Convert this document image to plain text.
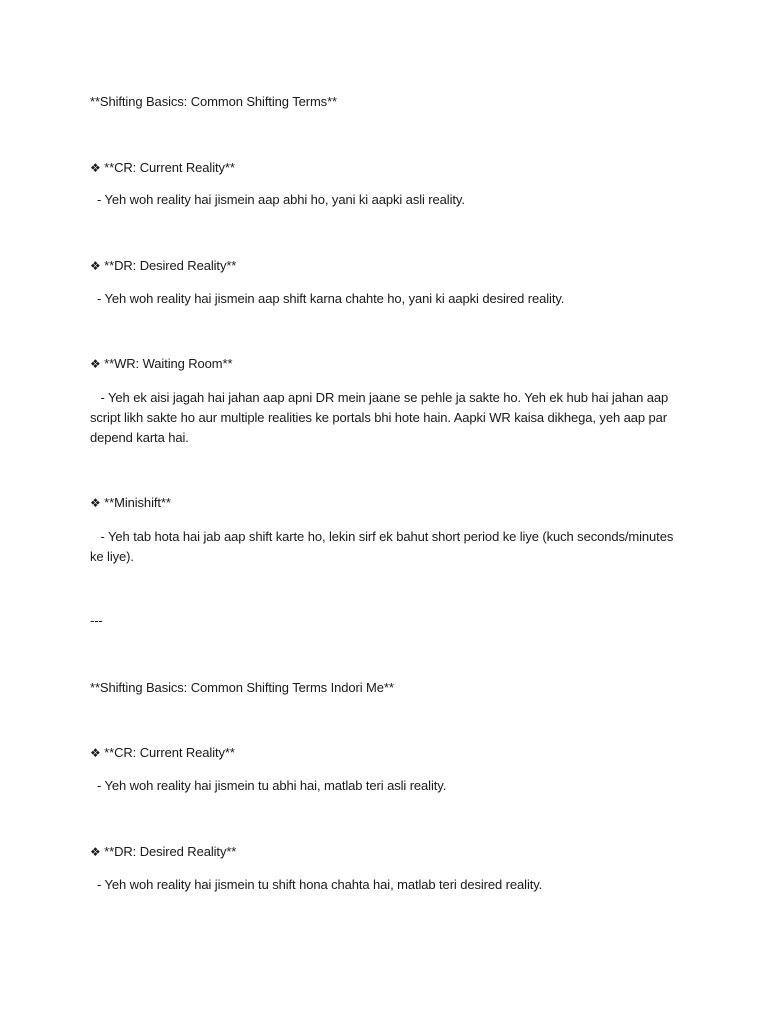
**Shifting Basics: Common Shifting Terms**
❖ **CR: Current Reality**
- Yeh woh reality hai jismein aap abhi ho, yani ki aapki asli reality.
❖ **DR: Desired Reality**
- Yeh woh reality hai jismein aap shift karna chahte ho, yani ki aapki desired reality.
❖ **WR: Waiting Room**
- Yeh ek aisi jagah hai jahan aap apni DR mein jaane se pehle ja sakte ho. Yeh ek hub hai jahan aap script likh sakte ho aur multiple realities ke portals bhi hote hain. Aapki WR kaisa dikhega, yeh aap par depend karta hai.
❖ **Minishift**
- Yeh tab hota hai jab aap shift karte ho, lekin sirf ek bahut short period ke liye (kuch seconds/minutes ke liye).
---
**Shifting Basics: Common Shifting Terms Indori Me**
❖ **CR: Current Reality**
- Yeh woh reality hai jismein tu abhi hai, matlab teri asli reality.
❖ **DR: Desired Reality**
- Yeh woh reality hai jismein tu shift hona chahta hai, matlab teri desired reality.
